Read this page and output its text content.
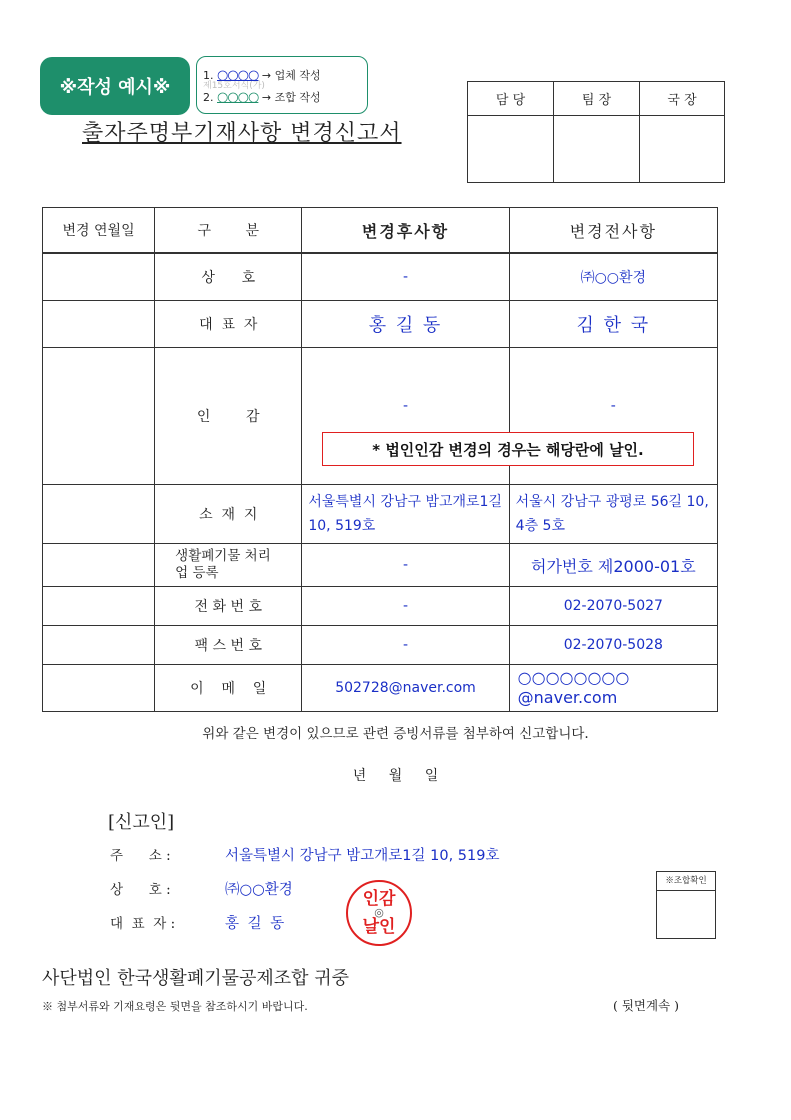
※작성 예시※	제15호서식(가)
1. ○○○○ → 업체 작성
2. ○○○○ → 조합 작성
출자주명부기재사항 변경신고서
담 당	팀 장	국 장

변경 연월일	구 분	변경후사항	변경전사항
	상      호	-	㈜○○환경
	대  표  자	홍 길 동	김 한 국
	인        감	-	-
	소  재  지	서울특별시 강남구 밤고개로1길 10, 519호	서울시 강남구 광평로 56길 10, 4층 5호
	생활폐기물 처리업 등록	-	허가번호 제2000-01호
	전 화 번 호	-	02-2070-5027
	팩 스 번 호	-	02-2070-5028
	이    메    일	502728@naver.com	○○○○○○○○ @naver.com
* 법인인감 변경의 경우는 해당란에 날인.
위와 같은 변경이 있으므로 관련 증빙서류를 첨부하여 신고합니다.
년 월 일
[신고인]
주      소 :	서울특별시 강남구 밤고개로1길 10, 519호
상      호 :	㈜○○환경
대  표  자 :	홍 길 동
인감
◎
날인
※조합확인
사단법인 한국생활폐기물공제조합 귀중
※ 첨부서류와 기재요령은 뒷면을 참조하시기 바랍니다.	( 뒷면계속 )
